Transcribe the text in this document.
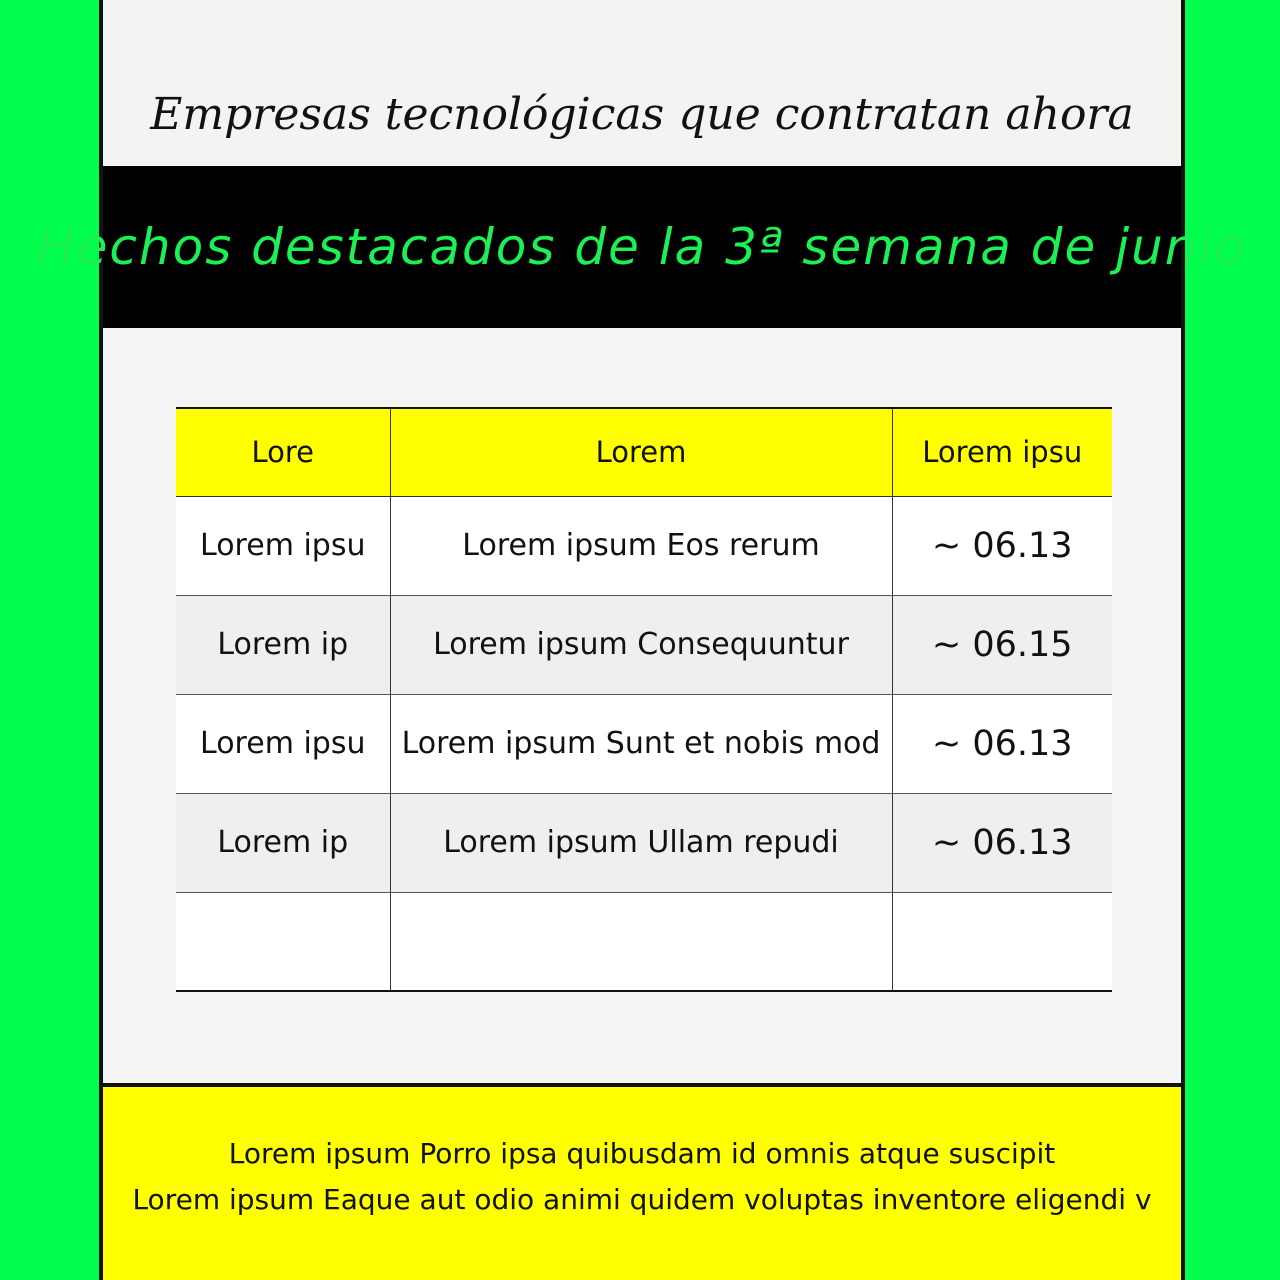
Empresas tecnológicas que contratan ahora
Hechos destacados de la 3ª semana de junio
Lore	Lorem	Lorem ipsu
Lorem ipsu	Lorem ipsum Eos rerum	~ 06.13
Lorem ip	Lorem ipsum Consequuntur	~ 06.15
Lorem ipsu	Lorem ipsum Sunt et nobis mod	~ 06.13
Lorem ip	Lorem ipsum Ullam repudi	~ 06.13

Lorem ipsum Porro ipsa quibusdam id omnis atque suscipit
Lorem ipsum Eaque aut odio animi quidem voluptas inventore eligendi v
